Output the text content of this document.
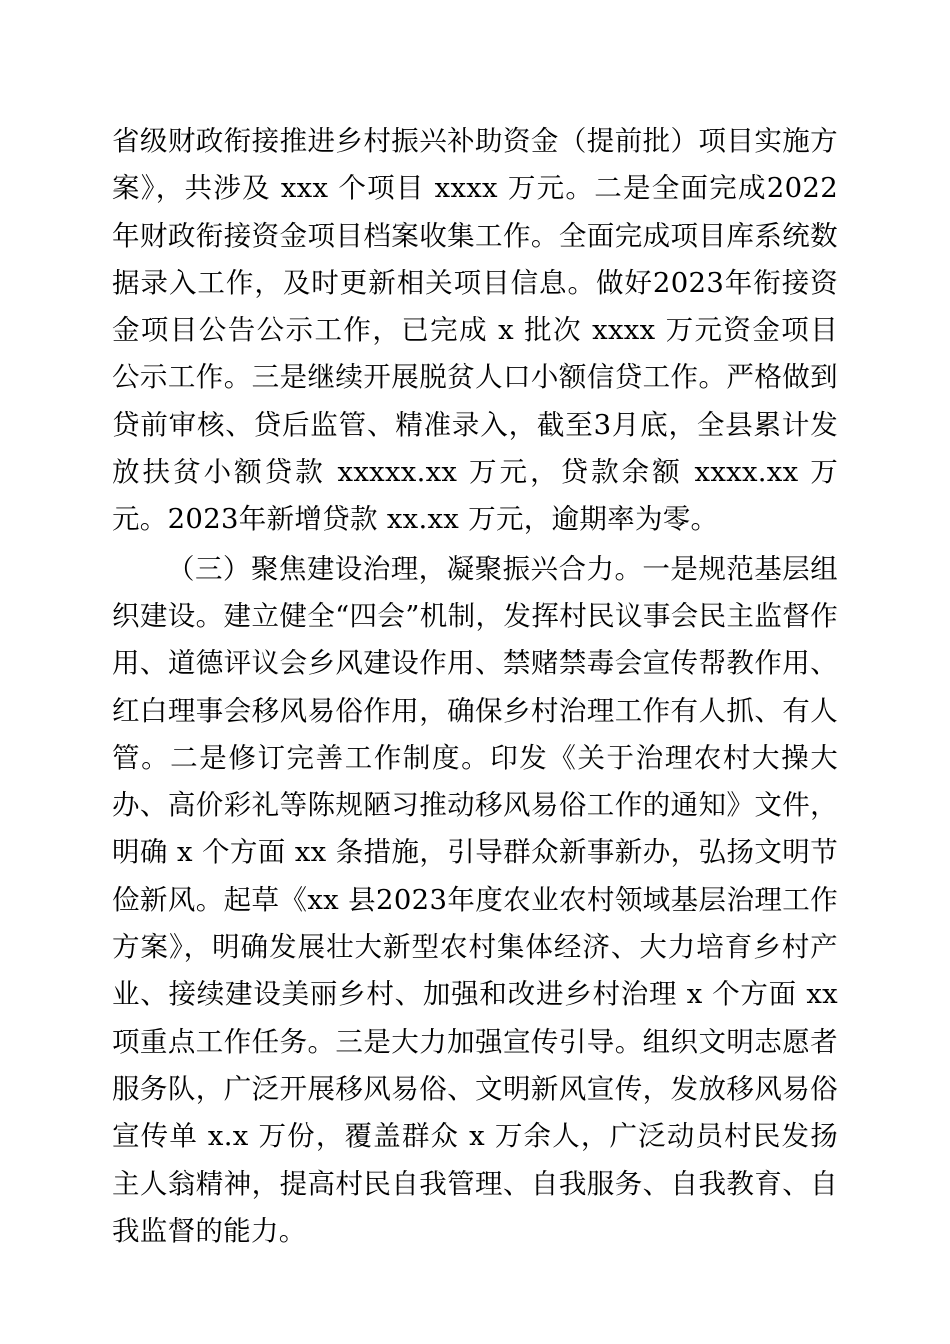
省级财政衔接推进乡村振兴补助资金（提前批）项目实施方案》，共涉及 xxx 个项目 xxxx 万元。二是全面完成2022年财政衔接资金项目档案收集工作。全面完成项目库系统数据录入工作，及时更新相关项目信息。做好2023年衔接资金项目公告公示工作，已完成 x 批次 xxxx 万元资金项目公示工作。三是继续开展脱贫人口小额信贷工作。严格做到贷前审核、贷后监管、精准录入，截至3月底，全县累计发放扶贫小额贷款 xxxxx.xx 万元，贷款余额 xxxx.xx 万元。2023年新增贷款 xx.xx 万元，逾期率为零。

（三）聚焦建设治理，凝聚振兴合力。一是规范基层组织建设。建立健全“四会”机制，发挥村民议事会民主监督作用、道德评议会乡风建设作用、禁赌禁毒会宣传帮教作用、红白理事会移风易俗作用，确保乡村治理工作有人抓、有人管。二是修订完善工作制度。印发《关于治理农村大操大办、高价彩礼等陈规陋习推动移风易俗工作的通知》文件，明确 x 个方面 xx 条措施，引导群众新事新办，弘扬文明节俭新风。起草《xx 县2023年度农业农村领域基层治理工作方案》，明确发展壮大新型农村集体经济、大力培育乡村产业、接续建设美丽乡村、加强和改进乡村治理 x 个方面 xx 项重点工作任务。三是大力加强宣传引导。组织文明志愿者服务队，广泛开展移风易俗、文明新风宣传，发放移风易俗宣传单 x.x 万份，覆盖群众 x 万余人，广泛动员村民发扬主人翁精神，提高村民自我管理、自我服务、自我教育、自我监督的能力。
